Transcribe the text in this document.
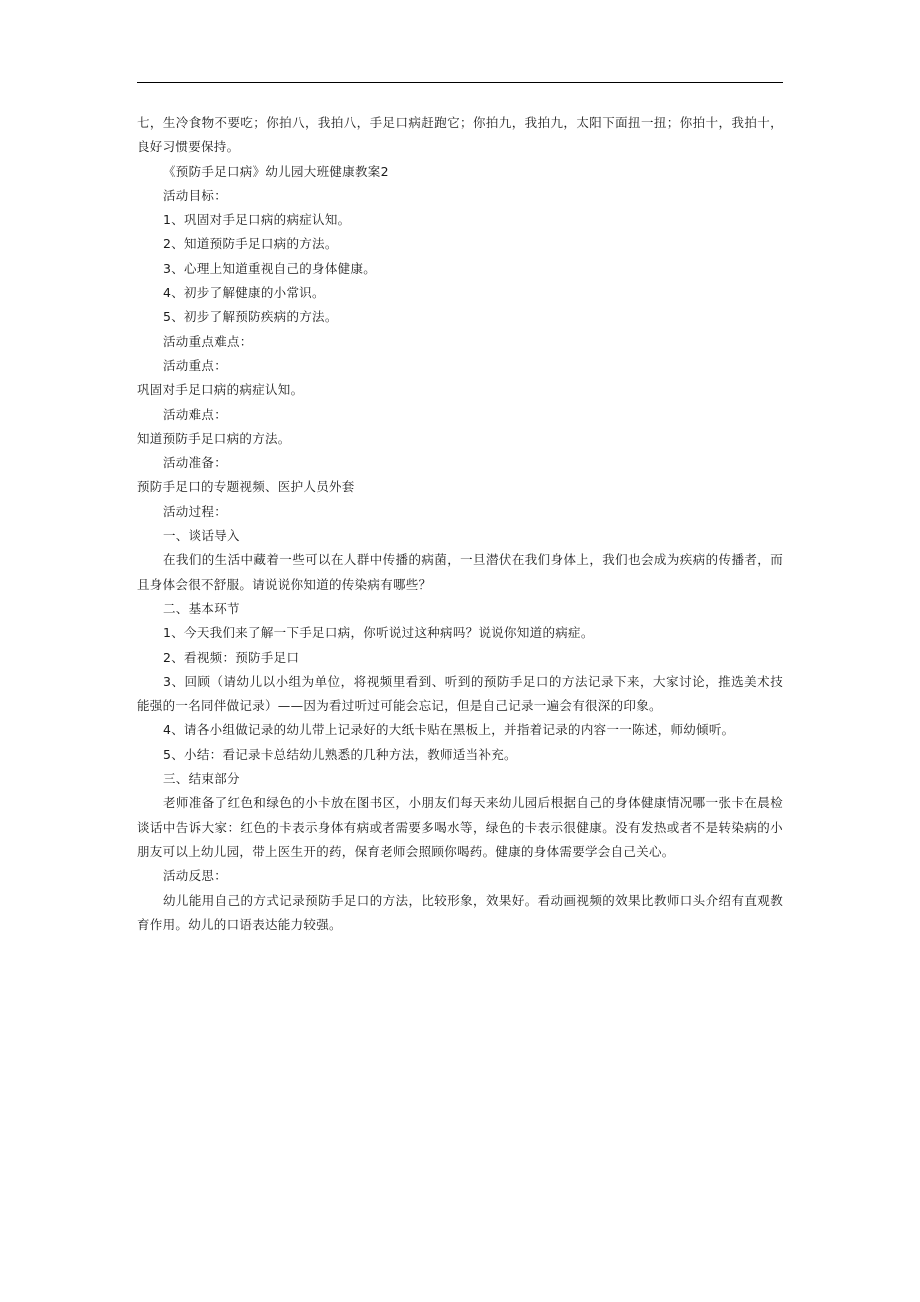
七，生冷食物不要吃；你拍八，我拍八，手足口病赶跑它；你拍九，我拍九，太阳下面扭一扭；你拍十，我拍十，良好习惯要保持。

《预防手足口病》幼儿园大班健康教案2

活动目标：

1、巩固对手足口病的病症认知。

2、知道预防手足口病的方法。

3、心理上知道重视自己的身体健康。

4、初步了解健康的小常识。

5、初步了解预防疾病的方法。

活动重点难点：

活动重点：

巩固对手足口病的病症认知。

活动难点：

知道预防手足口病的方法。

活动准备：

预防手足口的专题视频、医护人员外套

活动过程：

一、谈话导入

在我们的生活中藏着一些可以在人群中传播的病菌，一旦潜伏在我们身体上，我们也会成为疾病的传播者，而且身体会很不舒服。请说说你知道的传染病有哪些？

二、基本环节

1、今天我们来了解一下手足口病，你听说过这种病吗？说说你知道的病症。

2、看视频：预防手足口

3、回顾（请幼儿以小组为单位，将视频里看到、听到的预防手足口的方法记录下来，大家讨论，推选美术技能强的一名同伴做记录）——因为看过听过可能会忘记，但是自己记录一遍会有很深的印象。

4、请各小组做记录的幼儿带上记录好的大纸卡贴在黑板上，并指着记录的内容一一陈述，师幼倾听。

5、小结：看记录卡总结幼儿熟悉的几种方法，教师适当补充。

三、结束部分

老师准备了红色和绿色的小卡放在图书区，小朋友们每天来幼儿园后根据自己的身体健康情况哪一张卡在晨检谈话中告诉大家：红色的卡表示身体有病或者需要多喝水等，绿色的卡表示很健康。没有发热或者不是转染病的小朋友可以上幼儿园，带上医生开的药，保育老师会照顾你喝药。健康的身体需要学会自己关心。

活动反思：

幼儿能用自己的方式记录预防手足口的方法，比较形象，效果好。看动画视频的效果比教师口头介绍有直观教育作用。幼儿的口语表达能力较强。
